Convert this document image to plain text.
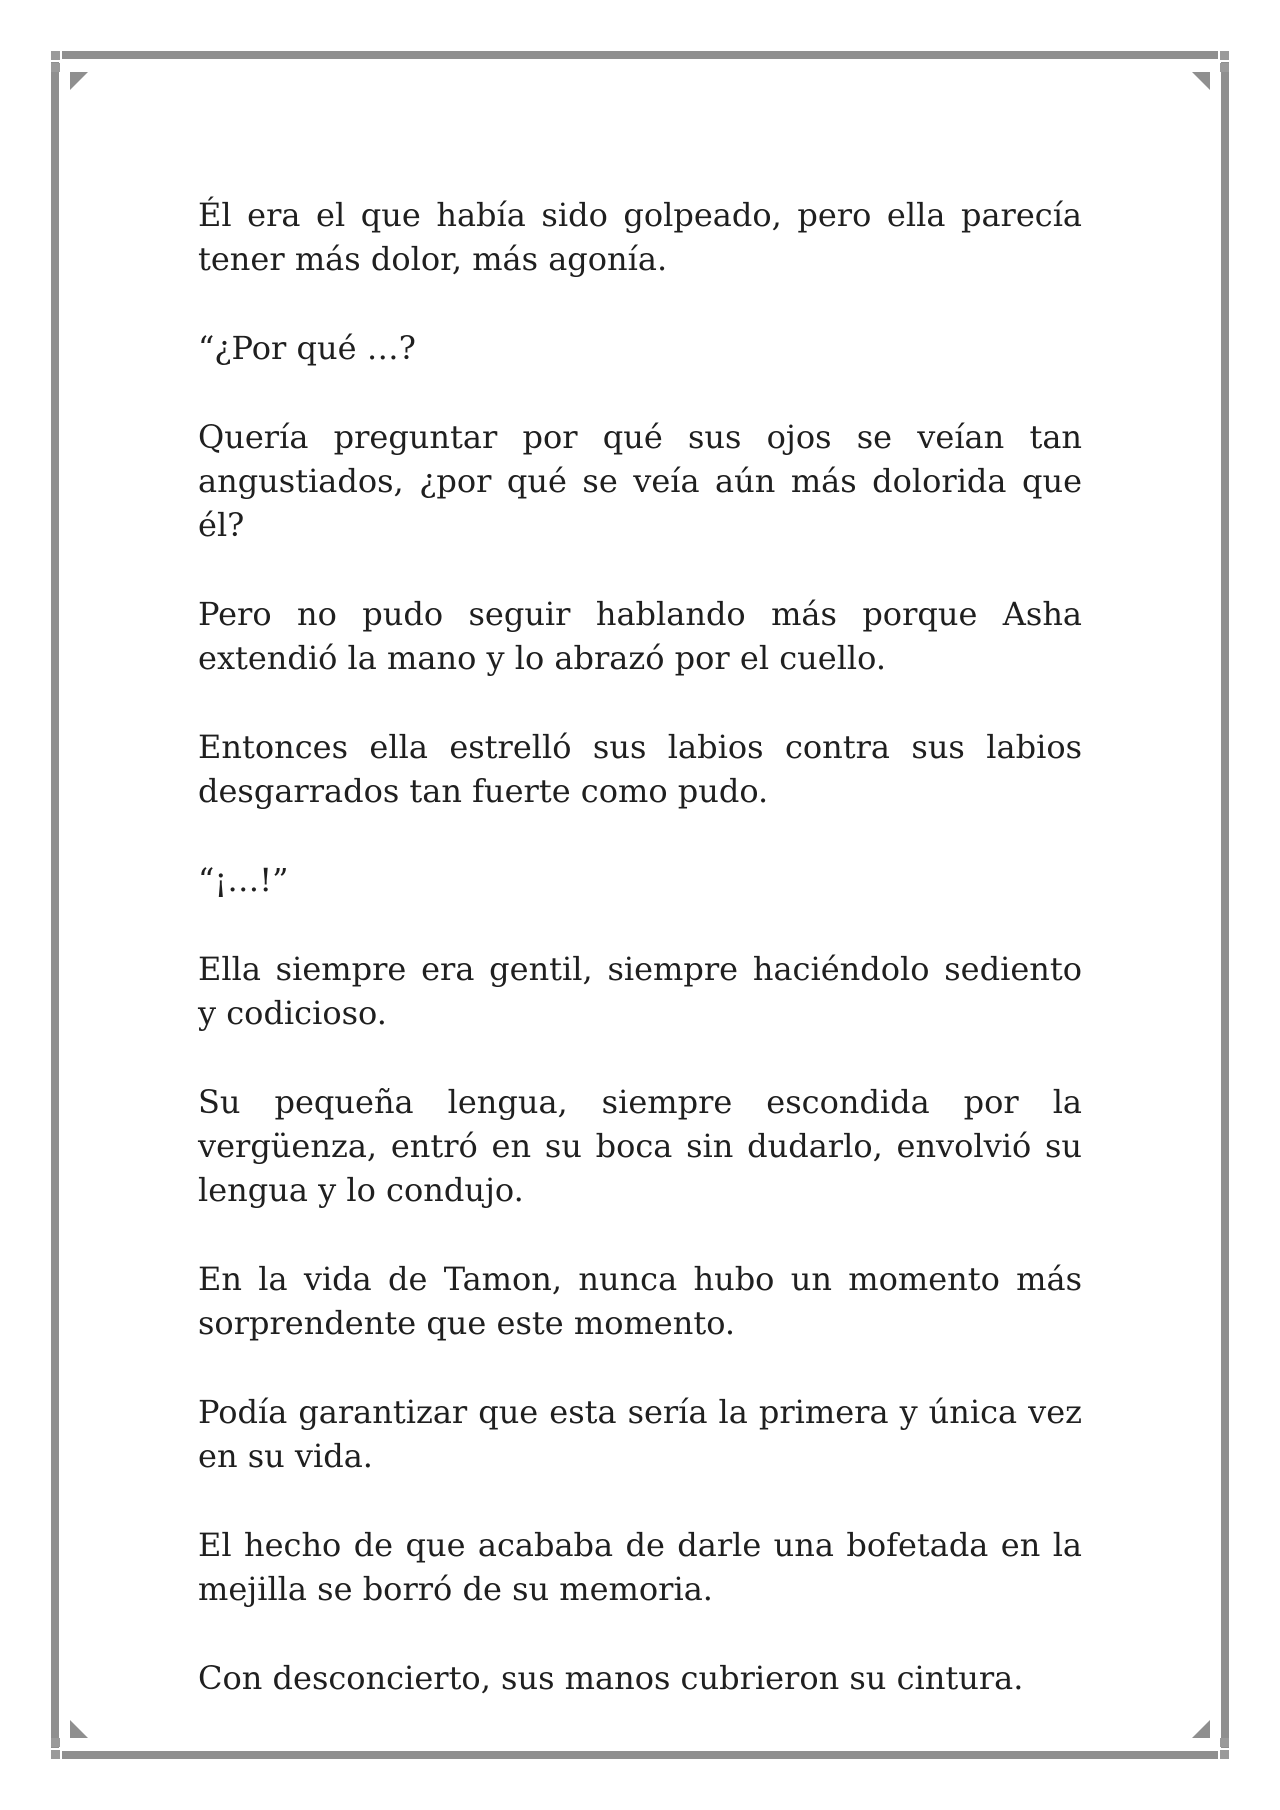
Él era el que había sido golpeado, pero ella parecía tener más dolor, más agonía.

“¿Por qué …?

Quería preguntar por qué sus ojos se veían tan angustiados, ¿por qué se veía aún más dolorida que él?

Pero no pudo seguir hablando más porque Asha extendió la mano y lo abrazó por el cuello.

Entonces ella estrelló sus labios contra sus labios desgarrados tan fuerte como pudo.

“¡…!”

Ella siempre era gentil, siempre haciéndolo sediento y codicioso.

Su pequeña lengua, siempre escondida por la vergüenza, entró en su boca sin dudarlo, envolvió su lengua y lo condujo.

En la vida de Tamon, nunca hubo un momento más sorprendente que este momento.

Podía garantizar que esta sería la primera y única vez en su vida.

El hecho de que acababa de darle una bofetada en la mejilla se borró de su memoria.

Con desconcierto, sus manos cubrieron su cintura.
